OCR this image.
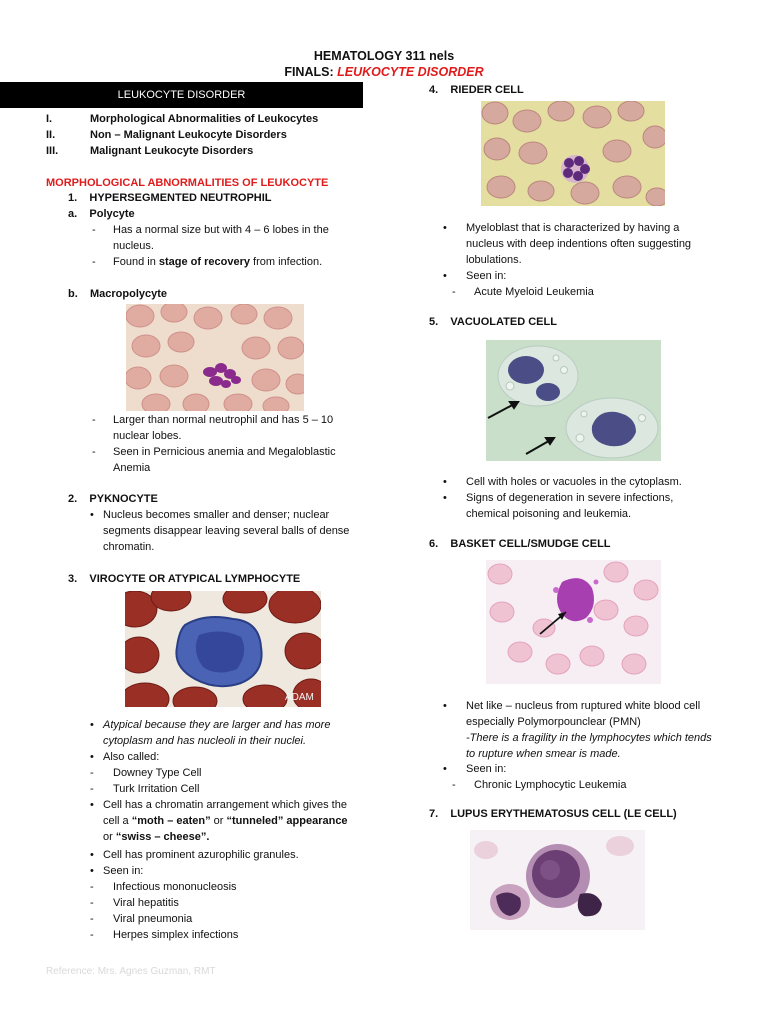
HEMATOLOGY 311 nels
FINALS: LEUKOCYTE DISORDER
LEUKOCYTE DISORDER
I.	Morphological Abnormalities of Leukocytes
II.	Non – Malignant Leukocyte Disorders
III.	Malignant Leukocyte Disorders
MORPHOLOGICAL ABNORMALITIES OF LEUKOCYTE
1.    HYPERSEGMENTED NEUTROPHIL
a.    Polycyte
- Has a normal size but with 4 – 6 lobes in the
nucleus.
- Found in stage of recovery from infection.
b.    Macropolycyte
- Larger than normal neutrophil and has 5 – 10
nuclear lobes.
- Seen in Pernicious anemia and Megaloblastic
Anemia
2.    PYKNOCYTE
• Nucleus becomes smaller and denser; nuclear
segments disappear leaving several balls of dense
chromatin.
3.    VIROCYTE OR ATYPICAL LYMPHOCYTE
ADAM
• Atypical because they are larger and has more
cytoplasm and has nucleoli in their nuclei.
• Also called:
- Downey Type Cell
- Turk Irritation Cell
• Cell has a chromatin arrangement which gives the
cell a “moth – eaten” or “tunneled” appearance
or “swiss – cheese”.
• Cell has prominent azurophilic granules.
• Seen in:
- Infectious mononucleosis
- Viral hepatitis
- Viral pneumonia
- Herpes simplex infections
4.    RIEDER CELL
• Myeloblast that is characterized by having a
nucleus with deep indentions often suggesting
lobulations.
• Seen in:
- Acute Myeloid Leukemia
5.    VACUOLATED CELL
• Cell with holes or vacuoles in the cytoplasm.
• Signs of degeneration in severe infections,
chemical poisoning and leukemia.
6.    BASKET CELL/SMUDGE CELL
• Net like – nucleus from ruptured white blood cell
especially Polymorpounclear (PMN)
-There is a fragility in the lymphocytes which tends
to rupture when smear is made.
• Seen in:
- Chronic Lymphocytic Leukemia
7.    LUPUS ERYTHEMATOSUS CELL (LE CELL)
Reference: Mrs. Agnes Guzman, RMT
